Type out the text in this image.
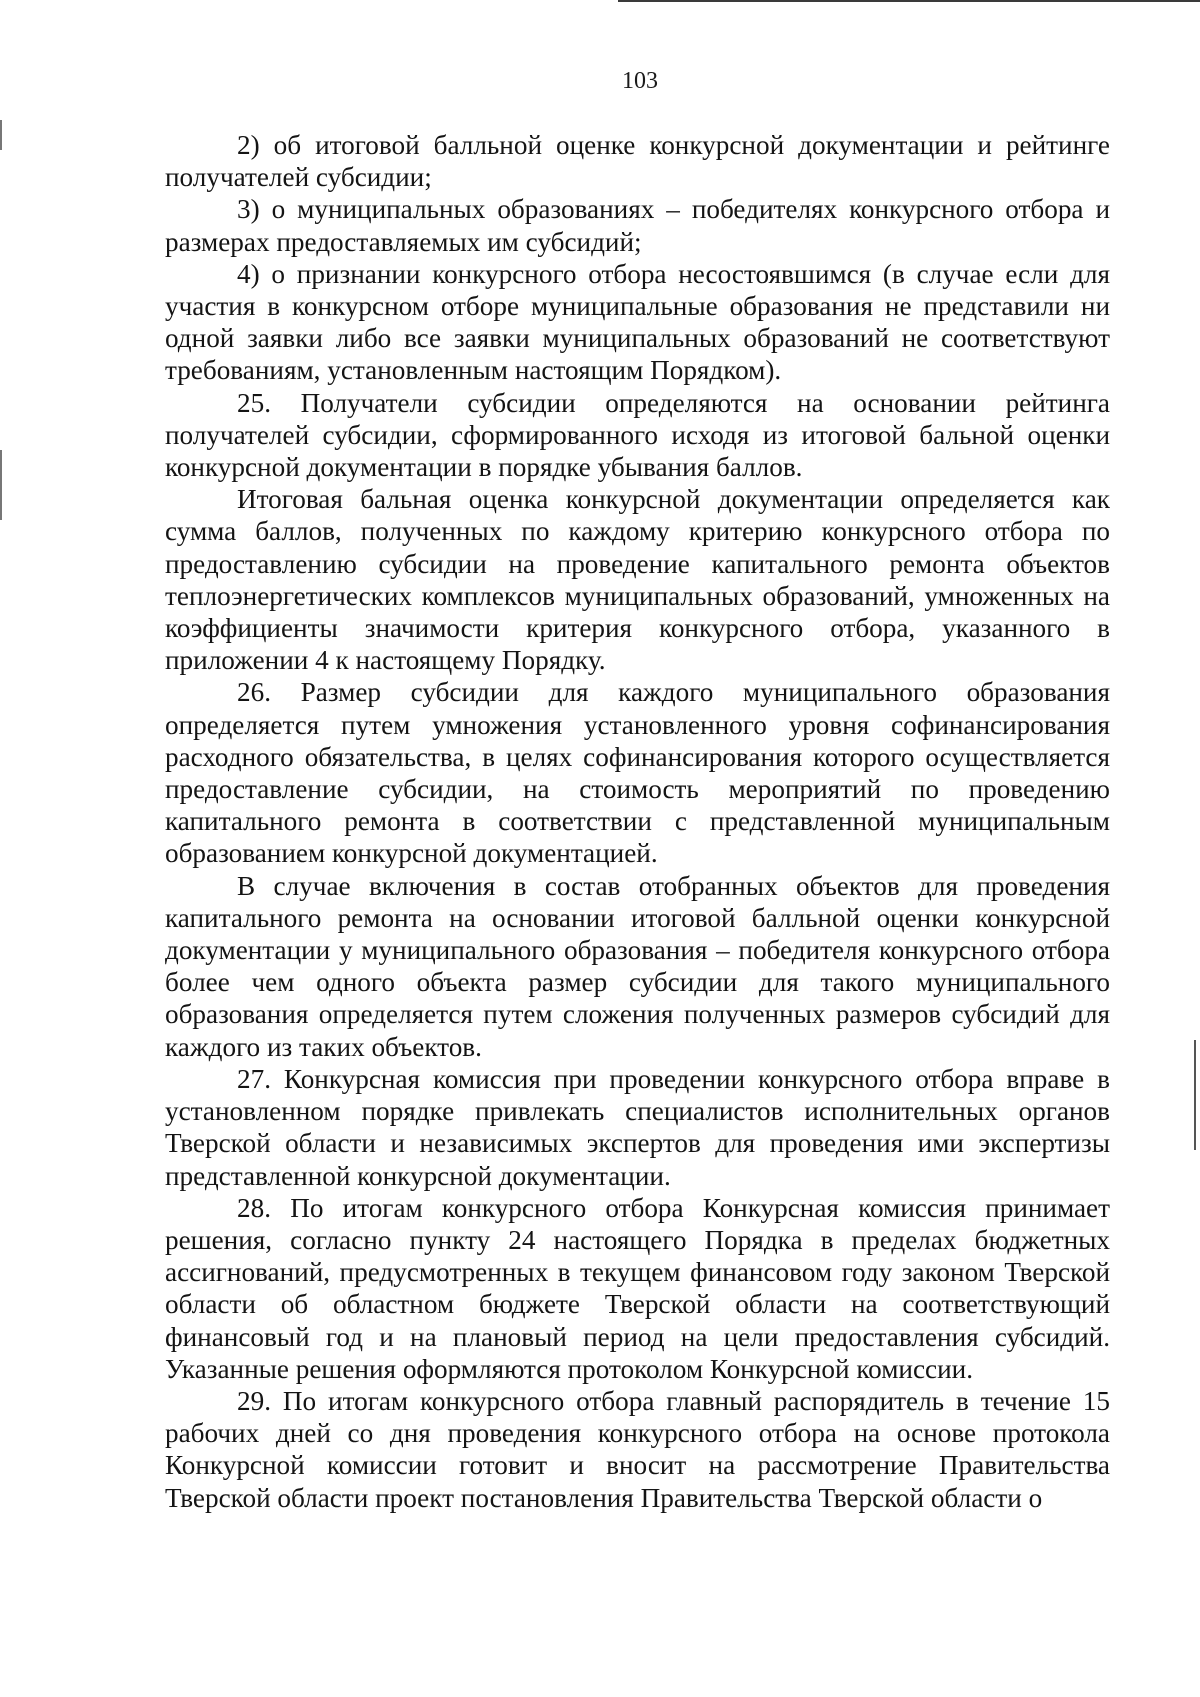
103

2) об итоговой балльной оценке конкурсной документации и рейтинге получателей субсидии;

3) о муниципальных образованиях – победителях конкурсного отбора и размерах предоставляемых им субсидий;

4) о признании конкурсного отбора несостоявшимся (в случае если для участия в конкурсном отборе муниципальные образования не представили ни одной заявки либо все заявки муниципальных образований не соответствуют требованиям, установленным настоящим Порядком).

25. Получатели субсидии определяются на основании рейтинга получателей субсидии, сформированного исходя из итоговой бальной оценки конкурсной документации в порядке убывания баллов.

Итоговая бальная оценка конкурсной документации определяется как сумма баллов, полученных по каждому критерию конкурсного отбора по предоставлению субсидии на проведение капитального ремонта объектов теплоэнергетических комплексов муниципальных образований, умноженных на коэффициенты значимости критерия конкурсного отбора, указанного в приложении 4 к настоящему Порядку.

26. Размер субсидии для каждого муниципального образования определяется путем умножения установленного уровня софинансирования расходного обязательства, в целях софинансирования которого осуществляется предоставление субсидии, на стоимость мероприятий по проведению капитального ремонта в соответствии с представленной муниципальным образованием конкурсной документацией.

В случае включения в состав отобранных объектов для проведения капитального ремонта на основании итоговой балльной оценки конкурсной документации у муниципального образования – победителя конкурсного отбора более чем одного объекта размер субсидии для такого муниципального образования определяется путем сложения полученных размеров субсидий для каждого из таких объектов.

27. Конкурсная комиссия при проведении конкурсного отбора вправе в установленном порядке привлекать специалистов исполнительных органов Тверской области и независимых экспертов для проведения ими экспертизы представленной конкурсной документации.

28. По итогам конкурсного отбора Конкурсная комиссия принимает решения, согласно пункту 24 настоящего Порядка в пределах бюджетных ассигнований, предусмотренных в текущем финансовом году законом Тверской области об областном бюджете Тверской области на соответствующий финансовый год и на плановый период на цели предоставления субсидий. Указанные решения оформляются протоколом Конкурсной комиссии.

29. По итогам конкурсного отбора главный распорядитель в течение 15 рабочих дней со дня проведения конкурсного отбора на основе протокола Конкурсной комиссии готовит и вносит на рассмотрение Правительства Тверской области проект постановления Правительства Тверской области о
